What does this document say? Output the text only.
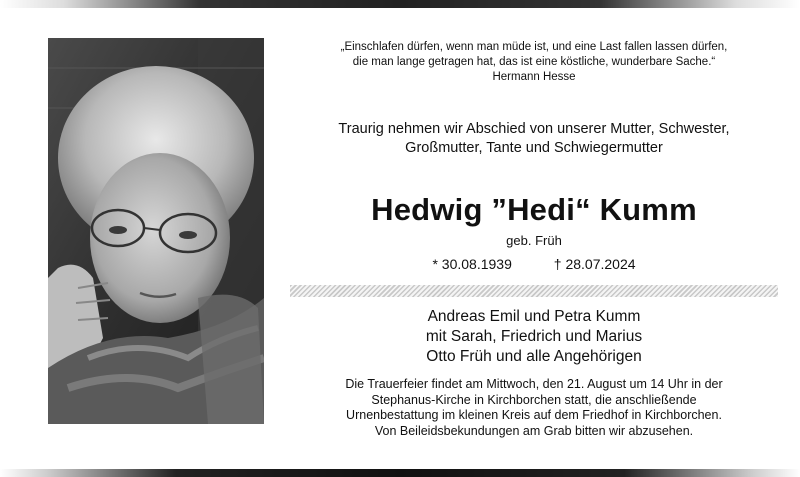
„Einschlafen dürfen, wenn man müde ist, und eine Last fallen lassen dürfen,
die man lange getragen hat, das ist eine köstliche, wunderbare Sache.“
Hermann Hesse
Traurig nehmen wir Abschied von unserer Mutter, Schwester,
Großmutter, Tante und Schwiegermutter
Hedwig ”Hedi“ Kumm
geb. Früh
* 30.08.1939	† 28.07.2024
Andreas Emil und Petra Kumm
mit Sarah, Friedrich und Marius
Otto Früh und alle Angehörigen
Die Trauerfeier findet am Mittwoch, den 21. August um 14 Uhr in der
Stephanus-Kirche in Kirchborchen statt, die anschließende
Urnenbestattung im kleinen Kreis auf dem Friedhof in Kirchborchen.
Von Beileidsbekundungen am Grab bitten wir abzusehen.
